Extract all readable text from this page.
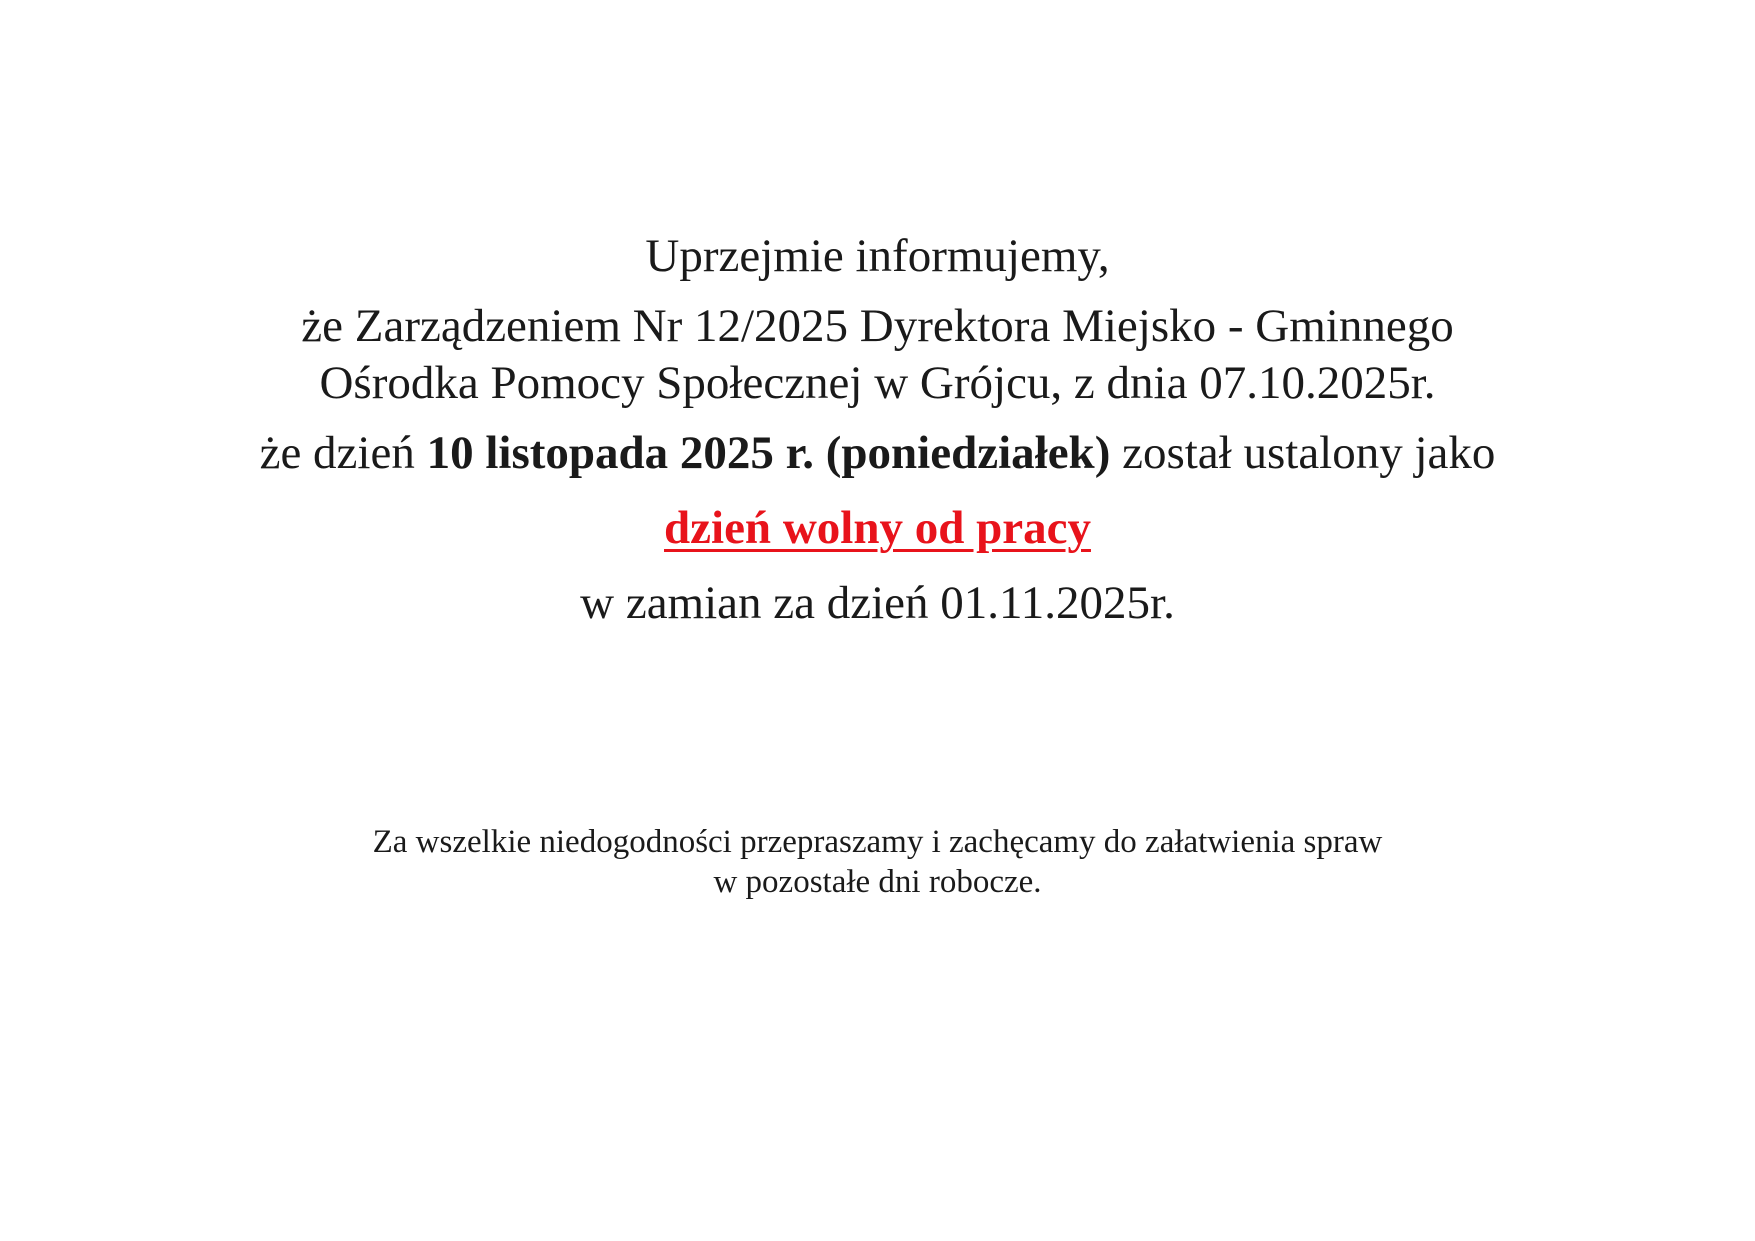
Uprzejmie informujemy,

że Zarządzeniem Nr 12/2025 Dyrektora Miejsko - Gminnego

Ośrodka Pomocy Społecznej w Grójcu, z dnia 07.10.2025r.

że dzień 10 listopada 2025 r. (poniedziałek) został ustalony jako

dzień wolny od pracy

w zamian za dzień 01.11.2025r.

Za wszelkie niedogodności przepraszamy i zachęcamy do załatwienia spraw

w pozostałe dni robocze.
